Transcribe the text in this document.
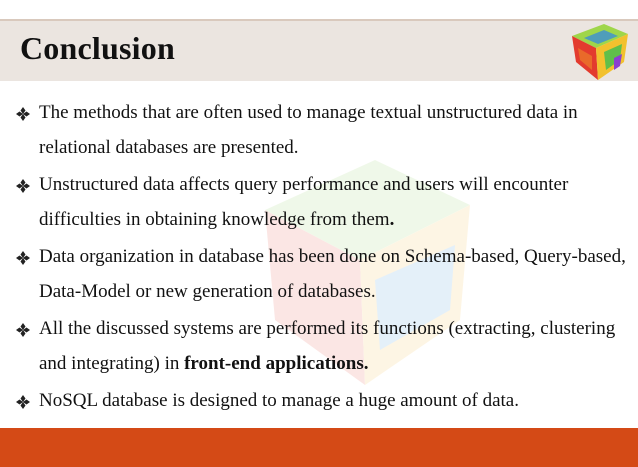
Conclusion
The methods that are often used to manage textual unstructured data in relational databases are presented.
Unstructured data affects query performance and users will encounter difficulties in obtaining knowledge from them.
Data organization in database has been done on Schema-based, Query-based, Data-Model or new generation of databases.
All the discussed systems are performed its functions (extracting, clustering and integrating) in front-end applications.
NoSQL database is designed to manage a huge amount of data.
